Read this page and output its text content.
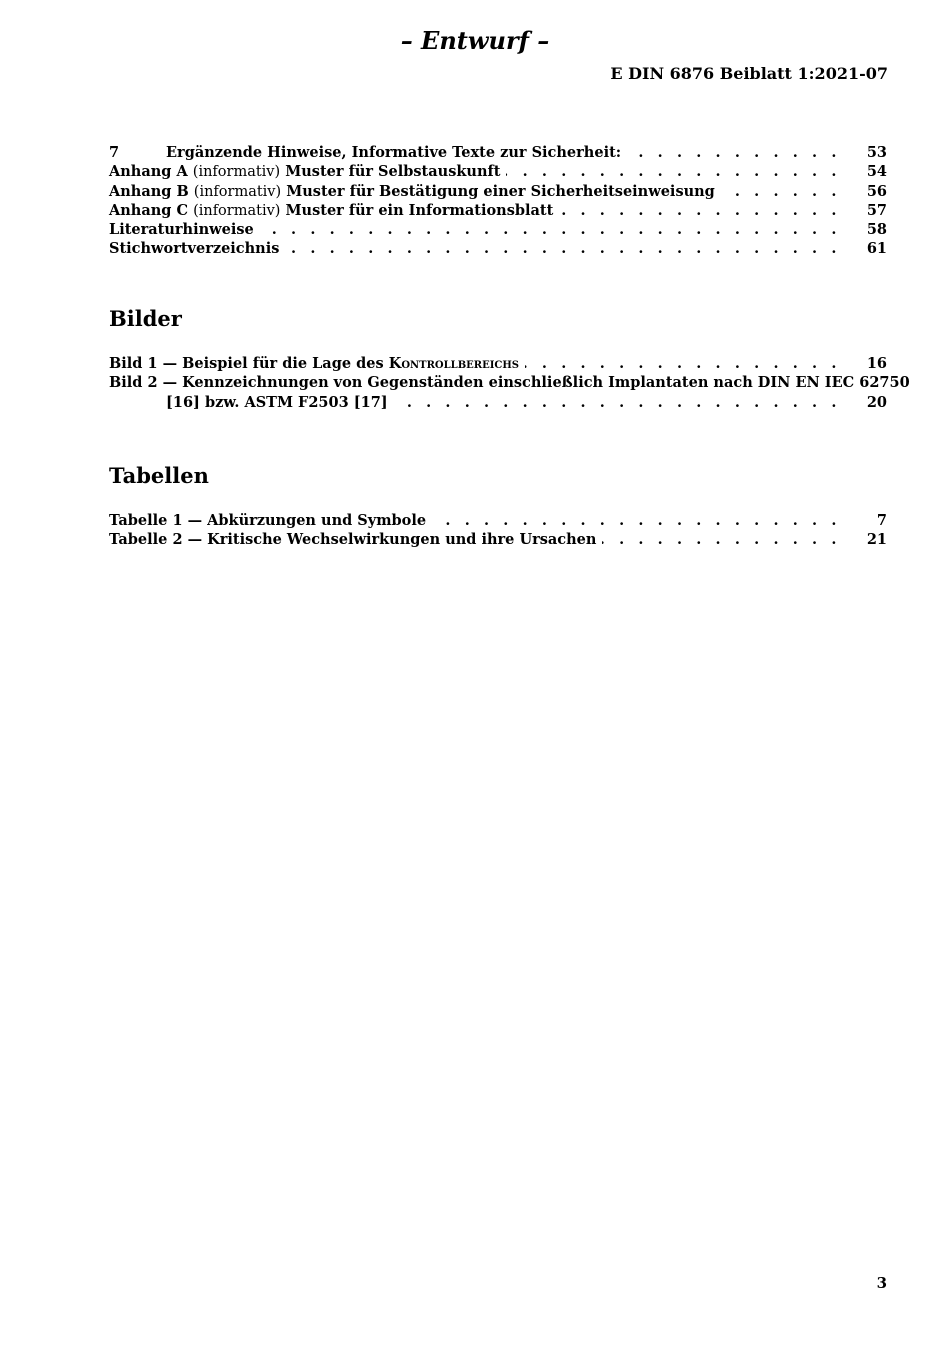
– Entwurf –
E DIN 6876 Beiblatt 1:2021-07
7	Ergänzende Hinweise, Informative Texte zur Sicherheit: . . .	53
Anhang A (informativ) Muster für Selbstauskunft . . .	54
Anhang B (informativ) Muster für Bestätigung einer Sicherheitseinweisung . . .	56
Anhang C (informativ) Muster für ein Informationsblatt . . .	57
Literaturhinweise . . .	58
Stichwortverzeichnis . . .	61
Bilder
Bild 1 — Beispiel für die Lage des Kontrollbereichs . . .	16
Bild 2 — Kennzeichnungen von Gegenständen einschließlich Implantaten nach DIN EN IEC 62750
[16] bzw. ASTM F2503 [17] . . .	20
Tabellen
Tabelle 1 — Abkürzungen und Symbole . . .	7
Tabelle 2 — Kritische Wechselwirkungen und ihre Ursachen . . .	21
3
